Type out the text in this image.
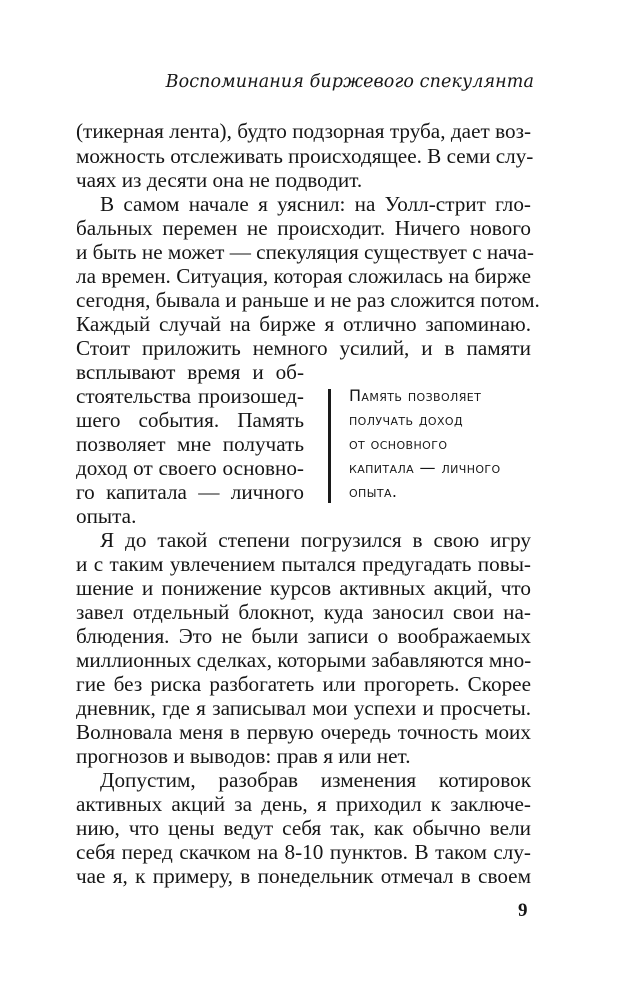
Воспоминания биржевого спекулянта
(тикерная лента), будто подзорная труба, дает воз-
можность отслеживать происходящее. В семи слу-
чаях из десяти она не подводит.
В самом начале я уяснил: на Уолл-стрит гло-
бальных перемен не происходит. Ничего нового
и быть не может — спекуляция существует с нача-
ла времен. Ситуация, которая сложилась на бирже
сегодня, бывала и раньше и не раз сложится потом.
Каждый случай на бирже я отлично запоминаю.
Стоит приложить немного усилий, и в памяти
всплывают время и об-
стоятельства произошед-
шего события. Память
позволяет мне получать
доход от своего основно-
го капитала — личного
опыта.
Я до такой степени погрузился в свою игру
и с таким увлечением пытался предугадать повы-
шение и понижение курсов активных акций, что
завел отдельный блокнот, куда заносил свои на-
блюдения. Это не были записи о воображаемых
миллионных сделках, которыми забавляются мно-
гие без риска разбогатеть или прогореть. Скорее
дневник, где я записывал мои успехи и просчеты.
Волновала меня в первую очередь точность моих
прогнозов и выводов: прав я или нет.
Допустим, разобрав изменения котировок
активных акций за день, я приходил к заключе-
нию, что цены ведут себя так, как обычно вели
себя перед скачком на 8-10 пунктов. В таком слу-
чае я, к примеру, в понедельник отмечал в своем
Память позволяет
получать доход
от основного
капитала — личного
опыта.
9
